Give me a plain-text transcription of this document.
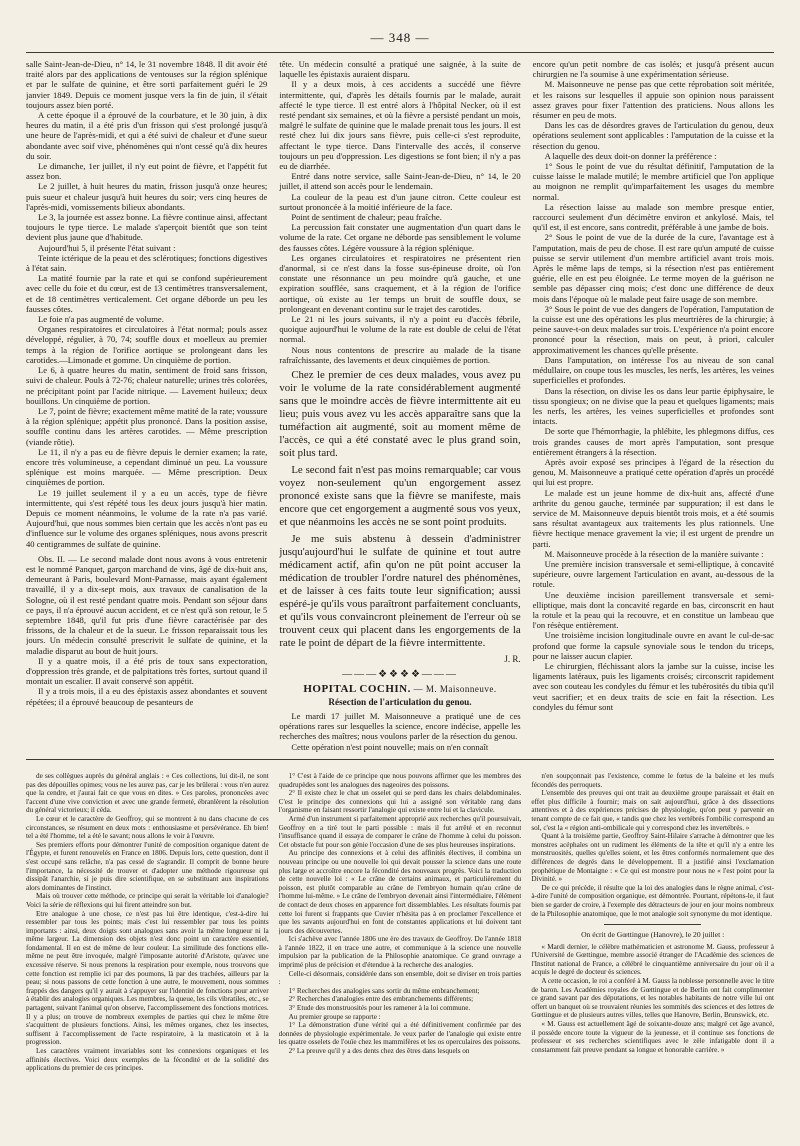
— 348 —

salle Saint-Jean-de-Dieu, n° 14, le 31 novembre 1848. Il dit avoir été traité alors par des applications de ventouses sur la région splénique et par le sulfate de quinine, et être sorti parfaitement guéri le 29 janvier 1849. Depuis ce moment jusque vers la fin de juin, il s'était toujours assez bien porté.

A cette époque il a éprouvé de la courbature, et le 30 juin, à dix heures du matin, il a été pris d'un frisson qui s'est prolongé jusqu'à une heure de l'après-midi, et qui a été suivi de chaleur et d'une sueur abondante avec soif vive, phénomènes qui n'ont cessé qu'à dix heures du soir.

Le dimanche, 1er juillet, il n'y eut point de fièvre, et l'appétit fut assez bon.

Le 2 juillet, à huit heures du matin, frisson jusqu'à onze heures; puis sueur et chaleur jusqu'à huit heures du soir; vers cinq heures de l'après-midi, vomissements bilieux abondants.

Le 3, la journée est assez bonne. La fièvre continue ainsi, affectant toujours le type tierce. Le malade s'aperçoit bientôt que son teint devient plus jaune que d'habitude.

Aujourd'hui 5, il présente l'état suivant :

Teinte ictérique de la peau et des sclérotiques; fonctions digestives à l'état sain.

La matité fournie par la rate et qui se confond supérieurement avec celle du foie et du cœur, est de 13 centimètres transversalement, et de 18 centimètres verticalement. Cet organe déborde un peu les fausses côtes.

Le foie n'a pas augmenté de volume.

Organes respiratoires et circulatoires à l'état normal; pouls assez développé, régulier, à 70, 74; souffle doux et moelleux au premier temps à la région de l'orifice aortique se prolongeant dans les carotides.—Limonade et gomme. Un cinquième de portion.

Le 6, à quatre heures du matin, sentiment de froid sans frisson, suivi de chaleur. Pouls à 72-76; chaleur naturelle; urines très colorées, ne précipitant point par l'acide nitrique. — Lavement huileux; deux bouillons. Un cinquième de portion.

Le 7, point de fièvre; exactement même matité de la rate; voussure à la région splénique; appétit plus prononcé. Dans la position assise, souffle continu dans les artères carotides. — Même prescription (viande rôtie).

Le 11, il n'y a pas eu de fièvre depuis le dernier examen; la rate, encore très volumineuse, a cependant diminué un peu. La voussure splénique est moins marquée. — Même prescription. Deux cinquièmes de portion.

Le 19 juillet seulement il y a eu un accès, type de fièvre intermittente, qui s'est répété tous les deux jours jusqu'à hier matin. Depuis ce moment néanmoins, le volume de la rate n'a pas varié. Aujourd'hui, que nous sommes bien certain que les accès n'ont pas eu d'influence sur le volume des organes spléniques, nous avons prescrit 40 centigrammes de sulfate de quinine.

Obs. II. — Le second malade dont nous avons à vous entretenir est le nommé Panquet, garçon marchand de vins, âgé de dix-huit ans, demeurant à Paris, boulevard Mont-Parnasse, mais ayant également travaillé, il y a dix-sept mois, aux travaux de canalisation de la Sologne, où il est resté pendant quatre mois. Pendant son séjour dans ce pays, il n'a éprouvé aucun accident, et ce n'est qu'à son retour, le 5 septembre 1848, qu'il fut pris d'une fièvre caractérisée par des frissons, de la chaleur et de la sueur. Le frisson reparaissait tous les jours. Un médecin consulté prescrivit le sulfate de quinine, et la maladie disparut au bout de huit jours.

Il y a quatre mois, il a été pris de toux sans expectoration, d'oppression très grande, et de palpitations très fortes, surtout quand il montait un escalier. Il avait conservé son appétit.

Il y a trois mois, il a eu des épistaxis assez abondantes et souvent répétées; il a éprouvé beaucoup de pesanteurs de

tête. Un médecin consulté a pratiqué une saignée, à la suite de laquelle les épistaxis auraient disparu.

Il y a deux mois, à ces accidents a succédé une fièvre intermittente, qui, d'après les détails fournis par le malade, aurait affecté le type tierce. Il est entré alors à l'hôpital Necker, où il est resté pendant six semaines, et où la fièvre a persisté pendant un mois, malgré le sulfate de quinine que le malade prenait tous les jours. Il est resté chez lui dix jours sans fièvre, puis celle-ci s'est reproduite, affectant le type tierce. Dans l'intervalle des accès, il conserve toujours un peu d'oppression. Les digestions se font bien; il n'y a pas eu de diarrhée.

Entré dans notre service, salle Saint-Jean-de-Dieu, n° 14, le 20 juillet, il attend son accès pour le lendemain.

La couleur de la peau est d'un jaune citron. Cette couleur est surtout prononcée à la moitié inférieure de la face.

Point de sentiment de chaleur; peau fraîche.

La percussion fait constater une augmentation d'un quart dans le volume de la rate. Cet organe ne déborde pas sensiblement le volume des fausses côtes. Légère voussure à la région splénique.

Les organes circulatoires et respiratoires ne présentent rien d'anormal, si ce n'est dans la fosse sus-épineuse droite, où l'on constate une résonnance un peu moindre qu'à gauche, et une expiration soufflée, sans craquement, et à la région de l'orifice aortique, où existe au 1er temps un bruit de souffle doux, se prolongeant en devenant continu sur le trajet des carotides.

Le 21 ni les jours suivants, il n'y a point eu d'accès fébrile, quoique aujourd'hui le volume de la rate est double de celui de l'état normal.

Nous nous contentons de prescrire au malade de la tisane rafraîchissante, des lavements et deux cinquièmes de portion.

Chez le premier de ces deux malades, vous avez pu voir le volume de la rate considérablement augmenté sans que le moindre accès de fièvre intermittente ait eu lieu; puis vous avez vu les accès apparaître sans que la tuméfaction ait augmenté, soit au moment même de l'accès, ce qui a été constaté avec le plus grand soin, soit plus tard.

Le second fait n'est pas moins remarquable; car vous voyez non-seulement qu'un engorgement assez prononcé existe sans que la fièvre se manifeste, mais encore que cet engorgement a augmenté sous vos yeux, et que néanmoins les accès ne se sont point produits.

Je me suis abstenu à dessein d'administrer jusqu'aujourd'hui le sulfate de quinine et tout autre médicament actif, afin qu'on ne pût point accuser la médication de troubler l'ordre naturel des phénomènes, et de laisser à ces faits toute leur signification; aussi espéré-je qu'ils vous paraîtront parfaitement concluants, et qu'ils vous convaincront pleinement de l'erreur où se trouvent ceux qui placent dans les engorgements de la rate le point de départ de la fièvre intermittente.

J. R.
———❖❖❖❖———
HOPITAL COCHIN. — M. Maisonneuve.
Résection de l'articulation du genou.

Le mardi 17 juillet M. Maisonneuve a pratiqué une de ces opérations rares sur lesquelles la science, encore indécise, appelle les recherches des maîtres; nous voulons parler de la résection du genou.

Cette opération n'est point nouvelle; mais on n'en connaît

encore qu'un petit nombre de cas isolés; et jusqu'à présent aucun chirurgien ne l'a soumise à une expérimentation sérieuse.

M. Maisonneuve ne pense pas que cette réprobation soit méritée, et les raisons sur lesquelles il appuie son opinion nous paraissent assez graves pour fixer l'attention des praticiens. Nous allons les résumer en peu de mots.

Dans les cas de désordres graves de l'articulation du genou, deux opérations seulement sont applicables : l'amputation de la cuisse et la résection du genou.

A laquelle des deux doit-on donner la préférence :

1° Sous le point de vue du résultat définitif, l'amputation de la cuisse laisse le malade mutilé; le membre artificiel que l'on applique au moignon ne remplit qu'imparfaitement les usages du membre normal.

La résection laisse au malade son membre presque entier, raccourci seulement d'un décimètre environ et ankylosé. Mais, tel qu'il est, il est encore, sans contredit, préférable à une jambe de bois.

2° Sous le point de vue de la durée de la cure, l'avantage est à l'amputation, mais de peu de chose. Il est rare qu'un amputé de cuisse puisse se servir utilement d'un membre artificiel avant trois mois. Après le même laps de temps, si la résection n'est pas entièrement guérie, elle en est peu éloignée. Le terme moyen de la guérison ne semble pas dépasser cinq mois; c'est donc une différence de deux mois dans l'époque où le malade peut faire usage de son membre.

3° Sous le point de vue des dangers de l'opération, l'amputation de la cuisse est une des opérations les plus meurtrières de la chirurgie; à peine sauve-t-on deux malades sur trois. L'expérience n'a point encore prononcé pour la résection, mais on peut, à priori, calculer approximativement les chances qu'elle présente.

Dans l'amputation, on intéresse l'os au niveau de son canal médullaire, on coupe tous les muscles, les nerfs, les artères, les veines superficielles et profondes.

Dans la résection, on divise les os dans leur partie épiphysaire, le tissu spongieux; on ne divise que la peau et quelques ligaments; mais les nerfs, les artères, les veines superficielles et profondes sont intacts.

De sorte que l'hémorrhagie, la phlébite, les phlegmons diffus, ces trois grandes causes de mort après l'amputation, sont presque entièrement étrangers à la résection.

Après avoir exposé ses principes à l'égard de la résection du genou, M. Maisonneuve a pratiqué cette opération d'après un procédé qui lui est propre.

Le malade est un jeune homme de dix-huit ans, affecté d'une arthrite du genou gauche, terminée par suppuration; il est dans le service de M. Maisonneuve depuis bientôt trois mois, et a été soumis sans résultat avantageux aux traitements les plus rationnels. Une fièvre hectique menace gravement la vie; il est urgent de prendre un parti.

M. Maisonneuve procède à la résection de la manière suivante :

Une première incision transversale et semi-elliptique, à concavité supérieure, ouvre largement l'articulation en avant, au-dessous de la rotule.

Une deuxième incision pareillement transversale et semi-elliptique, mais dont la concavité regarde en bas, circonscrit en haut la rotule et la peau qui la recouvre, et en constitue un lambeau que l'on résèque entièrement.

Une troisième incision longitudinale ouvre en avant le cul-de-sac profond que forme la capsule synoviale sous le tendon du triceps, pour ne laisser aucun clapier.

Le chirurgien, fléchissant alors la jambe sur la cuisse, incise les ligaments latéraux, puis les ligaments croisés; circonscrit rapidement avec son couteau les condyles du fémur et les tubérosités du tibia qu'il veut sacrifier; et en deux traits de scie en fait la résection. Les condyles du fémur sont

de ses collègues auprès du général anglais : « Ces collections, lui dit-il, ne sont pas des dépouilles opimes; vous ne les aurez pas, car je les brûlerai : vous n'en aurez que la cendre, et j'aurai fait ce que vous en dites. » Ces paroles, prononcées avec l'accent d'une vive conviction et avec une grande fermeté, ébranlèrent la résolution du général victorieux; il céda.

Le cœur et le caractère de Geoffroy, qui se montrent à nu dans chacune de ces circonstances, se résument en deux mots : enthousiasme et persévérance. Eh bien! tel a été l'homme, tel a été le savant; nous allons le voir à l'œuvre.

Ses premiers efforts pour démontrer l'unité de composition organique datent de l'Égypte, et furent renouvelés en France en 1806. Depuis lors, cette question, dont il s'est occupé sans relâche, n'a pas cessé de s'agrandir. Il comprit de bonne heure l'importance, la nécessité de trouver et d'adopter une méthode rigoureuse qui dissipât l'anarchie, si je puis dire scientifique, en se substituant aux inspirations alors dominantes de l'instinct.

Mais où trouver cette méthode, ce principe qui serait la véritable loi d'analogie? Voici la série de réflexions qui lui firent atteindre son but.

Etre analogue à une chose, ce n'est pas lui être identique, c'est-à-dire lui ressembler par tous les points; mais c'est lui ressembler par tous les points importants : ainsi, deux doigts sont analogues sans avoir la même longueur ni la même largeur. La dimension des objets n'est donc point un caractère essentiel, fondamental. Il en est de même de leur couleur. La similitude des fonctions elle-même ne peut être invoquée, malgré l'imposante autorité d'Aristote, qu'avec une excessive réserve. Si nous prenons la respiration pour exemple, nous trouvons que cette fonction est remplie ici par des poumons, là par des trachées, ailleurs par la peau; si nous passons de cette fonction à une autre, le mouvement, nous sommes frappés des dangers qu'il y aurait à s'appuyer sur l'identité de fonctions pour arriver à établir des analogies organiques. Les membres, la queue, les cils vibratiles, etc., se partagent, suivant l'animal qu'on observe, l'accomplissement des fonctions motrices. Il y a plus; on trouve de nombreux exemples de parties qui chez le même être s'acquittent de plusieurs fonctions. Ainsi, les mêmes organes, chez les insectes, suffisent à l'accomplissement de l'acte respiratoire, à la masticatoin et à la progression.

Les caractères vraiment invariables sont les connexions organiques et les affinités électives. Voici deux exemples de la fécondité et de la solidité des applications du premier de ces principes.

1° C'est à l'aide de ce principe que nous pouvons affirmer que les membres des quadrupèdes sont les analogues des nageoires des poissons.

2° Il existe chez le chat un osselet qui se perd dans les chairs delabdominales. C'est le principe des connexions qui lui a assigné son véritable rang dans l'organisme en faisant ressortir l'analogie qui existe entre lui et la clavicule.

Armé d'un instrument si parfaitement approprié aux recherches qu'il poursuivait, Geoffroy en a tiré tout le parti possible : mais il fut arrêté et en reconnut l'insuffisance quand il essaya de comparer le crâne de l'homme à celui du poisson. Cet obstacle fut pour son génie l'occasion d'une de ses plus heureuses inspirations.

Au principe des connexions et à celui des affinités électives, il combina un nouveau principe ou une nouvelle loi qui devait pousser la science dans une route plus large et accroître encore la fécondité des nouveaux progrès. Voici la traduction de cette nouvelle loi : « Le crâne de certains animaux, et particulièrement du poisson, est plutôt comparable au crâne de l'embryon humain qu'au crâne de l'homme lui-même. » Le crâne de l'embryon devenait ainsi l'intermédiaire, l'élément de contact de deux choses en apparence fort dissemblables. Les résultats fournis par cette loi furent si frappants que Cuvier n'hésita pas à en proclamer l'excellence et que les savants aujourd'hui en font de constantes applications et lui doivent tant jours des découvertes.

Ici s'achève avec l'année 1806 une ère des travaux de Geoffroy. De l'année 1818 à l'année 1822, il en trace une autre, et communique à la science une nouvelle impulsion par la publication de la Philosophie anatomique. Ce grand ouvrage a imprimé plus de précision et d'étendue à la recherche des analogies.

Celle-ci désormais, considérée dans son ensemble, doit se diviser en trois parties :

1° Recherches des analogies sans sortir du même embranchement;

2° Recherches d'analogies entre des embranchements différents;

3° Etude des monstruosités pour les ramener à la loi commune.

Au premier groupe se rapporte :

1° La démonstration d'une vérité qui a été définitivement confirmée par des données de physiologie expérimentale. Je veux parler de l'analogie qui existe entre les quatre osselets de l'ouïe chez les mammifères et les os operculaires des poissons.

2° La preuve qu'il y a des dents chez des êtres dans lesquels on

n'en soupçonnait pas l'existence, comme le fœtus de la baleine et les mufs fécondés des perroquets.

L'ensemble des preuves qui ont trait au deuxième groupe paraissait et était en effet plus difficile à fournir; mais on sait aujourd'hui, grâce à des dissections attentives et à des expériences précises de physiologie, qu'on peut y parvenir en tenant compte de ce fait que, « tandis que chez les vertébrés l'ombilic correspond au sol, c'est la « région anti-ombilicale qui y correspond chez les invertébrés. »

Quant à la troisième partie, Geoffroy Saint-Hilaire s'arrache à démontrer que les monstres acéphales ont un rudiment les éléments de la tête et qu'il n'y a entre les monstruosités, quelles qu'elles soient, et les êtres conformés normalement que des différences de degrés dans le développement. Il a justifié ainsi l'exclamation prophétique de Montaigne : « Ce qui est monstre pour nous ne « l'est point pour la Divinité. »

De ce qui précède, il résulte que la loi des analogies dans le règne animal, c'est-à-dire l'unité de composition organique, est démontrée. Pourtant, répétons-le, il faut bien se garder de croire, à l'exemple des détracteurs de jour en jour moins nombreux de la Philosophie anatomique, que le mot analogie soit synonyme du mot identique.

On écrit de Gœttingue (Hanovre), le 20 juillet :

« Mardi dernier, le célèbre mathématicien et astronome M. Gauss, professeur à l'Université de Gœttingue, membre associé étranger de l'Académie des sciences de l'Institut national de France, a célébré le cinquantième anniversaire du jour où il a acquis le degré de docteur ès sciences.

A cette occasion, le roi a conféré à M. Gauss la noblesse personnelle avec le titre de baron. Les Académies royales de Gœttingue et de Berlin ont fait complimenter ce grand savant par des députations, et les notables habitants de notre ville lui ont offert un banquet où se trouvaient réunies les sommités des sciences et des lettres de Gœttingue et de plusieurs autres villes, telles que Hanovre, Berlin, Brunswick, etc.

« M. Gauss est actuellement âgé de soixante-douze ans; malgré cet âge avancé, il possède encore toute la vigueur de la jeunesse, et il continue ses fonctions de professeur et ses recherches scientifiques avec le zèle infatigable dont il a constamment fait preuve pendant sa longue et honorable carrière. »
